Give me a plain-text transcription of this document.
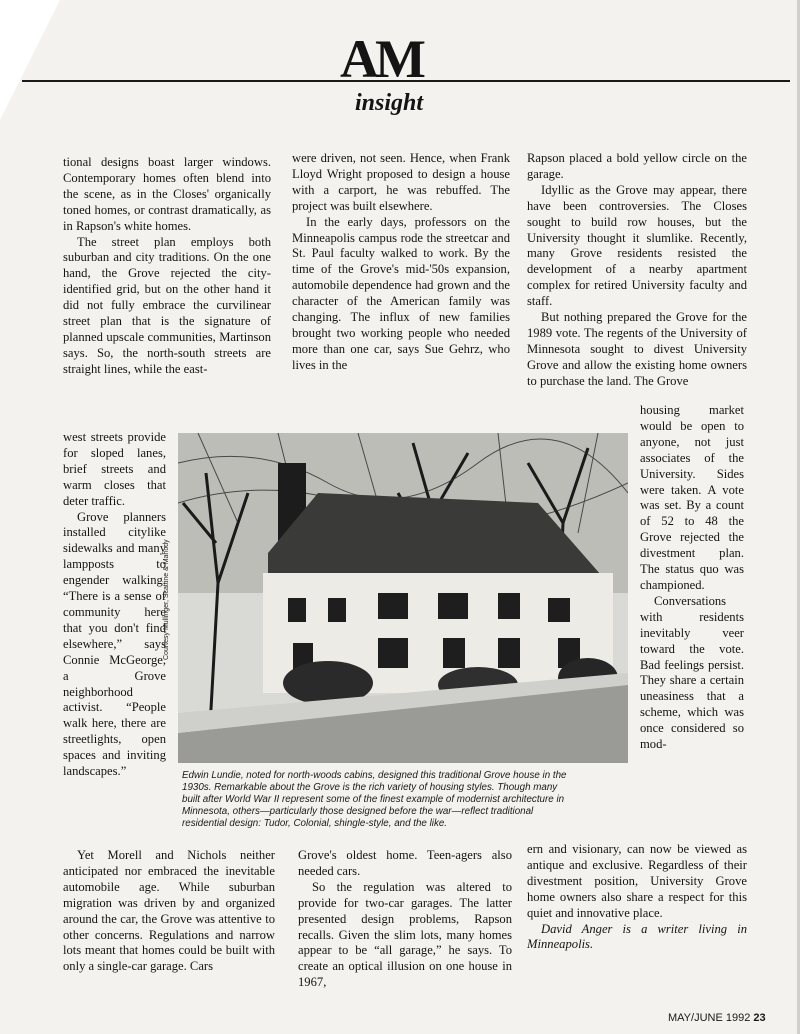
AM
insight

tional designs boast larger windows. Contemporary homes often blend into the scene, as in the Closes' organically toned homes, or contrast dramatically, as in Rapson's white homes.

The street plan employs both suburban and city traditions. On the one hand, the Grove rejected the city-identified grid, but on the other hand it did not fully embrace the curvilinear street plan that is the signature of planned upscale communities, Martinson says. So, the north-south streets are straight lines, while the east-

west streets provide for sloped lanes, brief streets and warm closes that deter traffic.

Grove planners installed citylike sidewalks and many lampposts to engender walking. “There is a sense of community here that you don't find elsewhere,” says Connie McGeorge, a Grove neighborhood activist. “People walk here, there are streetlights, open spaces and inviting landscapes.”

Yet Morell and Nichols neither anticipated nor embraced the inevitable automobile age. While suburban migration was driven by and organized around the car, the Grove was attentive to other concerns. Regulations and narrow lots meant that homes could be built with only a single-car garage. Cars

were driven, not seen. Hence, when Frank Lloyd Wright proposed to design a house with a carport, he was rebuffed. The project was built elsewhere.

In the early days, professors on the Minneapolis campus rode the streetcar and St. Paul faculty walked to work. By the time of the Grove's mid-'50s expansion, automobile dependence had grown and the character of the American family was changing. The influx of new families brought two working people who needed more than one car, says Sue Gehrz, who lives in the

Grove's oldest home. Teen-agers also needed cars.

So the regulation was altered to provide for two-car garages. The latter presented design problems, Rapson recalls. Given the slim lots, many homes appear to be “all garage,” he says. To create an optical illusion on one house in 1967,

Rapson placed a bold yellow circle on the garage.

Idyllic as the Grove may appear, there have been controversies. The Closes sought to build row houses, but the University thought it slumlike. Recently, many Grove residents resisted the development of a nearby apartment complex for retired University faculty and staff.

But nothing prepared the Grove for the 1989 vote. The regents of the University of Minnesota sought to divest University Grove and allow the existing home owners to purchase the land. The Grove

housing market would be open to anyone, not just associates of the University. Sides were taken. A vote was set. By a count of 52 to 48 the Grove rejected the divestment plan. The status quo was championed.

Conversations with residents inevitably veer toward the vote. Bad feelings persist. They share a certain uneasiness that a scheme, which was once considered so mod-

ern and visionary, can now be viewed as antique and exclusive. Regardless of their divestment position, University Grove home owners also share a respect for this quiet and innovative place.

David Anger is a writer living in Minneapolis.

Courtesy Mullinger, Scattine & Mahody
Edwin Lundie, noted for north-woods cabins, designed this traditional Grove house in the 1930s. Remarkable about the Grove is the rich variety of housing styles. Though many built after World War II represent some of the finest example of modernist architecture in Minnesota, others—particularly those designed before the war—reflect traditional residential design: Tudor, Colonial, shingle-style, and the like.
MAY/JUNE 1992 23
